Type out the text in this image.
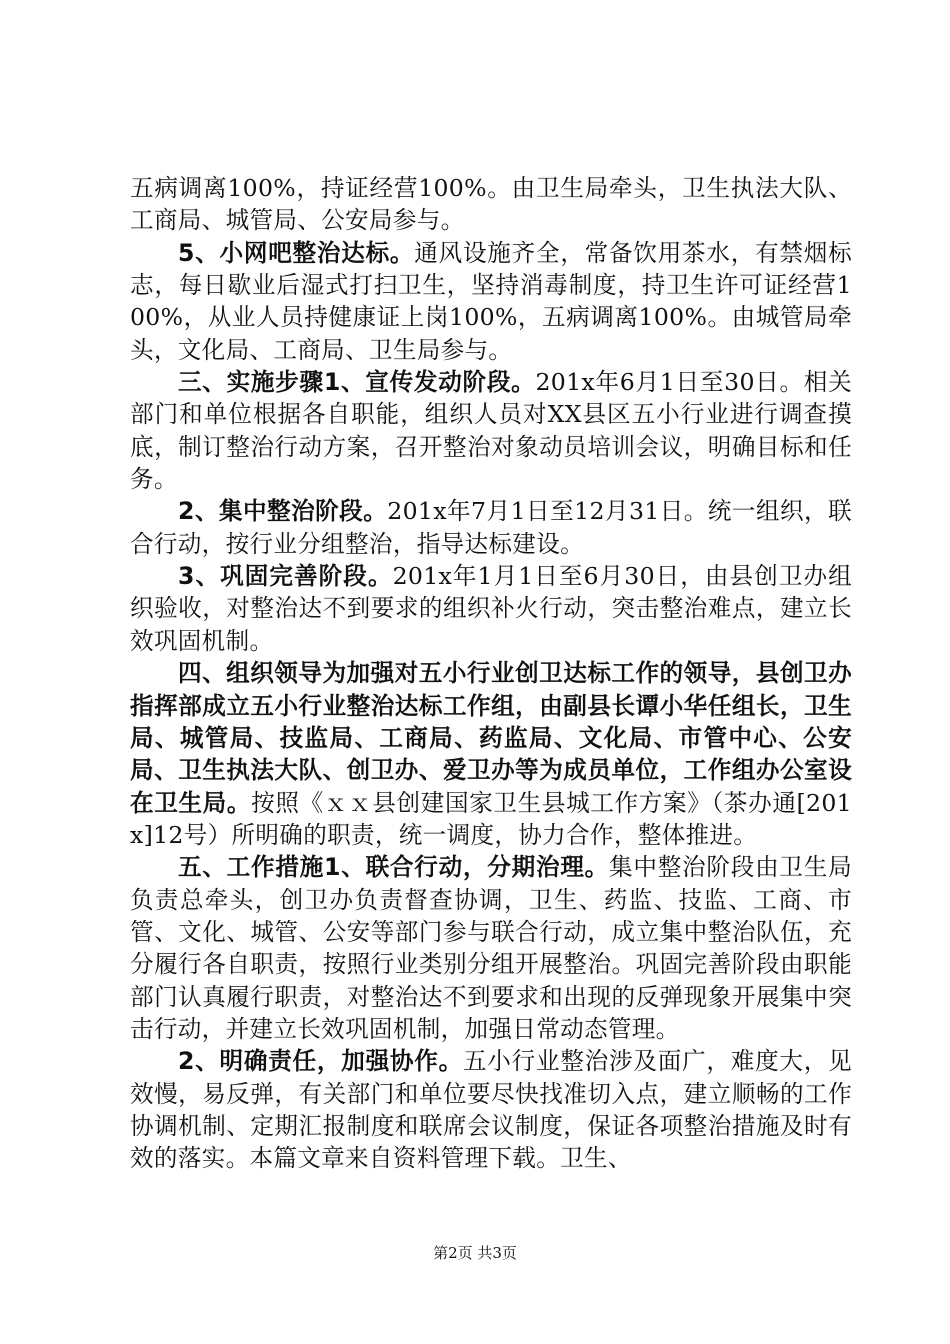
五病调离100%，持证经营100%。由卫生局牵头，卫生执法大队、工商局、城管局、公安局参与。

5、小网吧整治达标。通风设施齐全，常备饮用茶水，有禁烟标志，每日歇业后湿式打扫卫生，坚持消毒制度，持卫生许可证经营100%，从业人员持健康证上岗100%，五病调离100%。由城管局牵头，文化局、工商局、卫生局参与。

三、实施步骤1、宣传发动阶段。201x年6月1日至30日。相关部门和单位根据各自职能，组织人员对XX县区五小行业进行调查摸底，制订整治行动方案，召开整治对象动员培训会议，明确目标和任务。

2、集中整治阶段。201x年7月1日至12月31日。统一组织，联合行动，按行业分组整治，指导达标建设。

3、巩固完善阶段。201x年1月1日至6月30日，由县创卫办组织验收，对整治达不到要求的组织补火行动，突击整治难点，建立长效巩固机制。

四、组织领导为加强对五小行业创卫达标工作的领导，县创卫办指挥部成立五小行业整治达标工作组，由副县长谭小华任组长，卫生局、城管局、技监局、工商局、药监局、文化局、市管中心、公安局、卫生执法大队、创卫办、爱卫办等为成员单位，工作组办公室设在卫生局。按照《ｘｘ县创建国家卫生县城工作方案》（茶办通[201x]12号）所明确的职责，统一调度，协力合作，整体推进。

五、工作措施1、联合行动，分期治理。集中整治阶段由卫生局负责总牵头，创卫办负责督查协调，卫生、药监、技监、工商、市管、文化、城管、公安等部门参与联合行动，成立集中整治队伍，充分履行各自职责，按照行业类别分组开展整治。巩固完善阶段由职能部门认真履行职责，对整治达不到要求和出现的反弹现象开展集中突击行动，并建立长效巩固机制，加强日常动态管理。

2、明确责任，加强协作。五小行业整治涉及面广，难度大，见效慢，易反弹，有关部门和单位要尽快找准切入点，建立顺畅的工作协调机制、定期汇报制度和联席会议制度，保证各项整治措施及时有效的落实。本篇文章来自资料管理下载。卫生、

第2页 共3页
